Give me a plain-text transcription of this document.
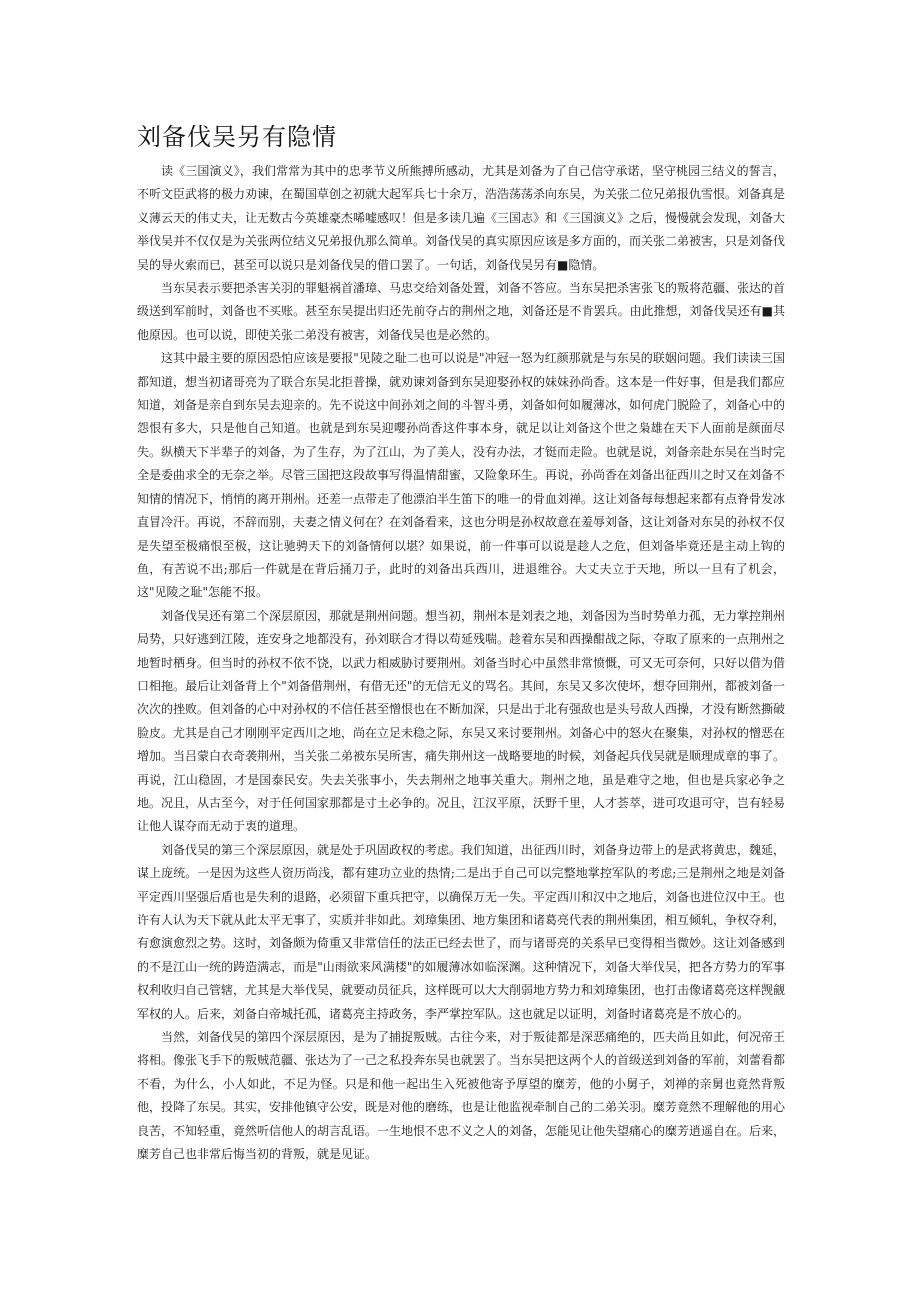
刘备伐吴另有隐情

读《三国演义》，我们常常为其中的忠孝节义所熊搏所感动，尤其是刘备为了自己信守承诺，坚守桃园三结义的誓言，不听文臣武将的极力劝谏，在蜀国草创之初就大起军兵七十余万，浩浩荡荡杀向东吴，为关张二位兄弟报仇雪恨。刘备真是义薄云天的伟丈夫，让无数古今英雄豪杰唏嘘感叹！但是多读几遍《三国志》和《三国演义》之后，慢慢就会发现，刘备大举伐吴并不仅仅是为关张两位结义兄弟报仇那么简单。刘备伐吴的真实原因应该是多方面的，而关张二弟被害，只是刘备伐吴的导火索而已，甚至可以说只是刘备伐吴的借口罢了。一句话，刘备伐吴另有■隐情。

当东吴表示要把杀害关羽的罪魁祸首潘璋、马忠交给刘备处置，刘备不答应。当东吴把杀害张飞的叛将范疆、张达的首级送到军前时，刘备也不买账。甚至东吴提出归还先前夺占的荆州之地，刘备还是不肯罢兵。由此推想，刘备伐吴还有■其他原因。也可以说，即使关张二弟没有被害，刘备伐吴也是必然的。

这其中最主要的原因恐怕应该是要报"见陵之耻二也可以说是"冲冠一怒为红颜那就是与东吴的联姻问题。我们读读三国都知道，想当初诸哥亮为了联合东吴北拒普操，就劝谏刘备到东吴迎娶孙权的妹妹孙尚香。这本是一件好事，但是我们都应知道，刘备是亲自到东吴去迎亲的。先不说这中间孙刘之间的斗智斗勇，刘备如何如履薄冰，如何虎门脱险了，刘备心中的怨恨有多大，只是他自己知道。也就是到东吴迎嚶孙尚香这件事本身，就足以让刘备这个世之枭雄在天下人面前是颜面尽失。纵横天下半辈子的刘备，为了生存，为了江山，为了美人，没有办法，才铤而走险。也就是说，刘备亲赴东吴在当时完全是委曲求全的无奈之举。尽管三国把这段故事写得温情甜蜜，又险象环生。再说，孙尚香在刘备出征西川之时又在刘备不知情的情况下，悄悄的离开荆州。还差一点带走了他漂泊半生笛下的唯一的骨血刘禅。这让刘备每每想起来都有点脊骨发冰直冒冷汗。再说，不辞而别，夫妻之情义何在？在刘备看来，这也分明是孙权故意在羞辱刘备，这让刘备对东吴的孙权不仅是失望至极痛恨至极，这让驰骋天下的刘备情何以堪？如果说，前一件事可以说是趁人之危，但刘备毕竟还是主动上钩的鱼，有苦说不出;那后一件就是在背后捅刀子，此时的刘备出兵西川，进退维谷。大丈夫立于天地，所以一旦有了机会，这"见陵之耻"怎能不报。

刘备伐吴还有第二个深层原因，那就是荆州问题。想当初，荆州本是刘表之地，刘备因为当时势单力孤，无力掌控荆州局势，只好逃到江陵，连安身之地都没有，孙刘联合才得以苟延残喘。趁着东吴和西操酣战之际，夺取了原来的一点荆州之地暂时栖身。但当时的孙权不依不饶，以武力相威胁讨要荆州。刘备当时心中虽然非常愤慨，可又无可奈何，只好以借为借口相拖。最后让刘备背上个"刘备借荆州，有借无还"的无信无义的骂名。其间，东吴又多次使坏，想夺回荆州，都被刘备一次次的挫败。但刘备的心中对孙权的不信任甚至憎恨也在不断加深，只是出于北有强敌也是头号敌人西操，才没有断然撕破脸皮。尤其是自己才刚刚平定西川之地，尚在立足未稳之际，东吴又来讨要荆州。刘备心中的怒火在聚集，对孙权的憎恶在增加。当吕蒙白衣奇袭荆州，当关张二弟被东吴所害，痛失荆州这一战略要地的时候，刘备起兵伐吴就是顺理成章的事了。再说，江山稳固，才是国泰民安。失去关张事小，失去荆州之地事关重大。荆州之地，虽是难守之地，但也是兵家必争之地。况且，从古至今，对于任何国家那都是寸土必争的。况且，江汉平原，沃野千里，人才荟萃，进可攻退可守，岂有轻易让他人谋夺而无动于衷的道理。

刘备伐吴的第三个深层原因，就是处于巩固政权的考虑。我们知道，出征西川时，刘备身边带上的是武将黄忠，魏延，谋上庞统。一是因为这些人资历尚浅，都有建功立业的热情;二是出于自己可以完整地掌控军队的考虑;三是荆州之地是刘备平定西川坚强后盾也是失利的退路，必须留下重兵把守，以确保万无一失。平定西川和汉中之地后，刘备也进位汉中王。也许有人认为天下就从此太平无事了，实质并非如此。刘璋集团、地方集团和诸葛亮代表的荆州集团，相互倾轧，争权夺利，有愈演愈烈之势。这时，刘备颇为倚重又非常信任的法正已经去世了，而与诸哥亮的关系早已变得相当微妙。这让刘备感到的不是江山一统的踌造满志，而是"山雨欲来风满楼"的如履薄冰如临深渊。这种情况下，刘备大举伐吴，把各方势力的军事权利收归自己管辖，尤其是大举伐吴，就要动员征兵，这样既可以大大削弱地方势力和刘璋集团，也打击像诸葛亮这样觊觎军权的人。后来，刘备白帝城托孤，诸葛亮主持政务，李严掌控军队。这也就足以证明，刘备时诸葛亮是不放心的。

当然，刘备伐吴的第四个深层原因，是为了捕捉叛贼。古往今来，对于叛徒都是深恶痛绝的，匹夫尚且如此，何况帝王将相。像张飞手下的叛贼范疆、张达为了一己之私投奔东吴也就罢了。当东吴把这两个人的首级送到刘备的军前，刘蕾看都不看，为什么，小人如此，不足为怪。只是和他一起出生入死被他寄予厚望的糜芳，他的小舅子，刘禅的亲舅也竟然背叛他，投降了东吴。其实，安排他镇守公安，既是对他的磨练，也是让他监视牵制自己的二弟关羽。糜芳竟然不理解他的用心良苦，不知轻重，竟然听信他人的胡言乱语。一生地恨不忠不义之人的刘备，怎能见让他失望痛心的糜芳逍遥自在。后来，糜芳自己也非常后悔当初的背叛，就是见证。
